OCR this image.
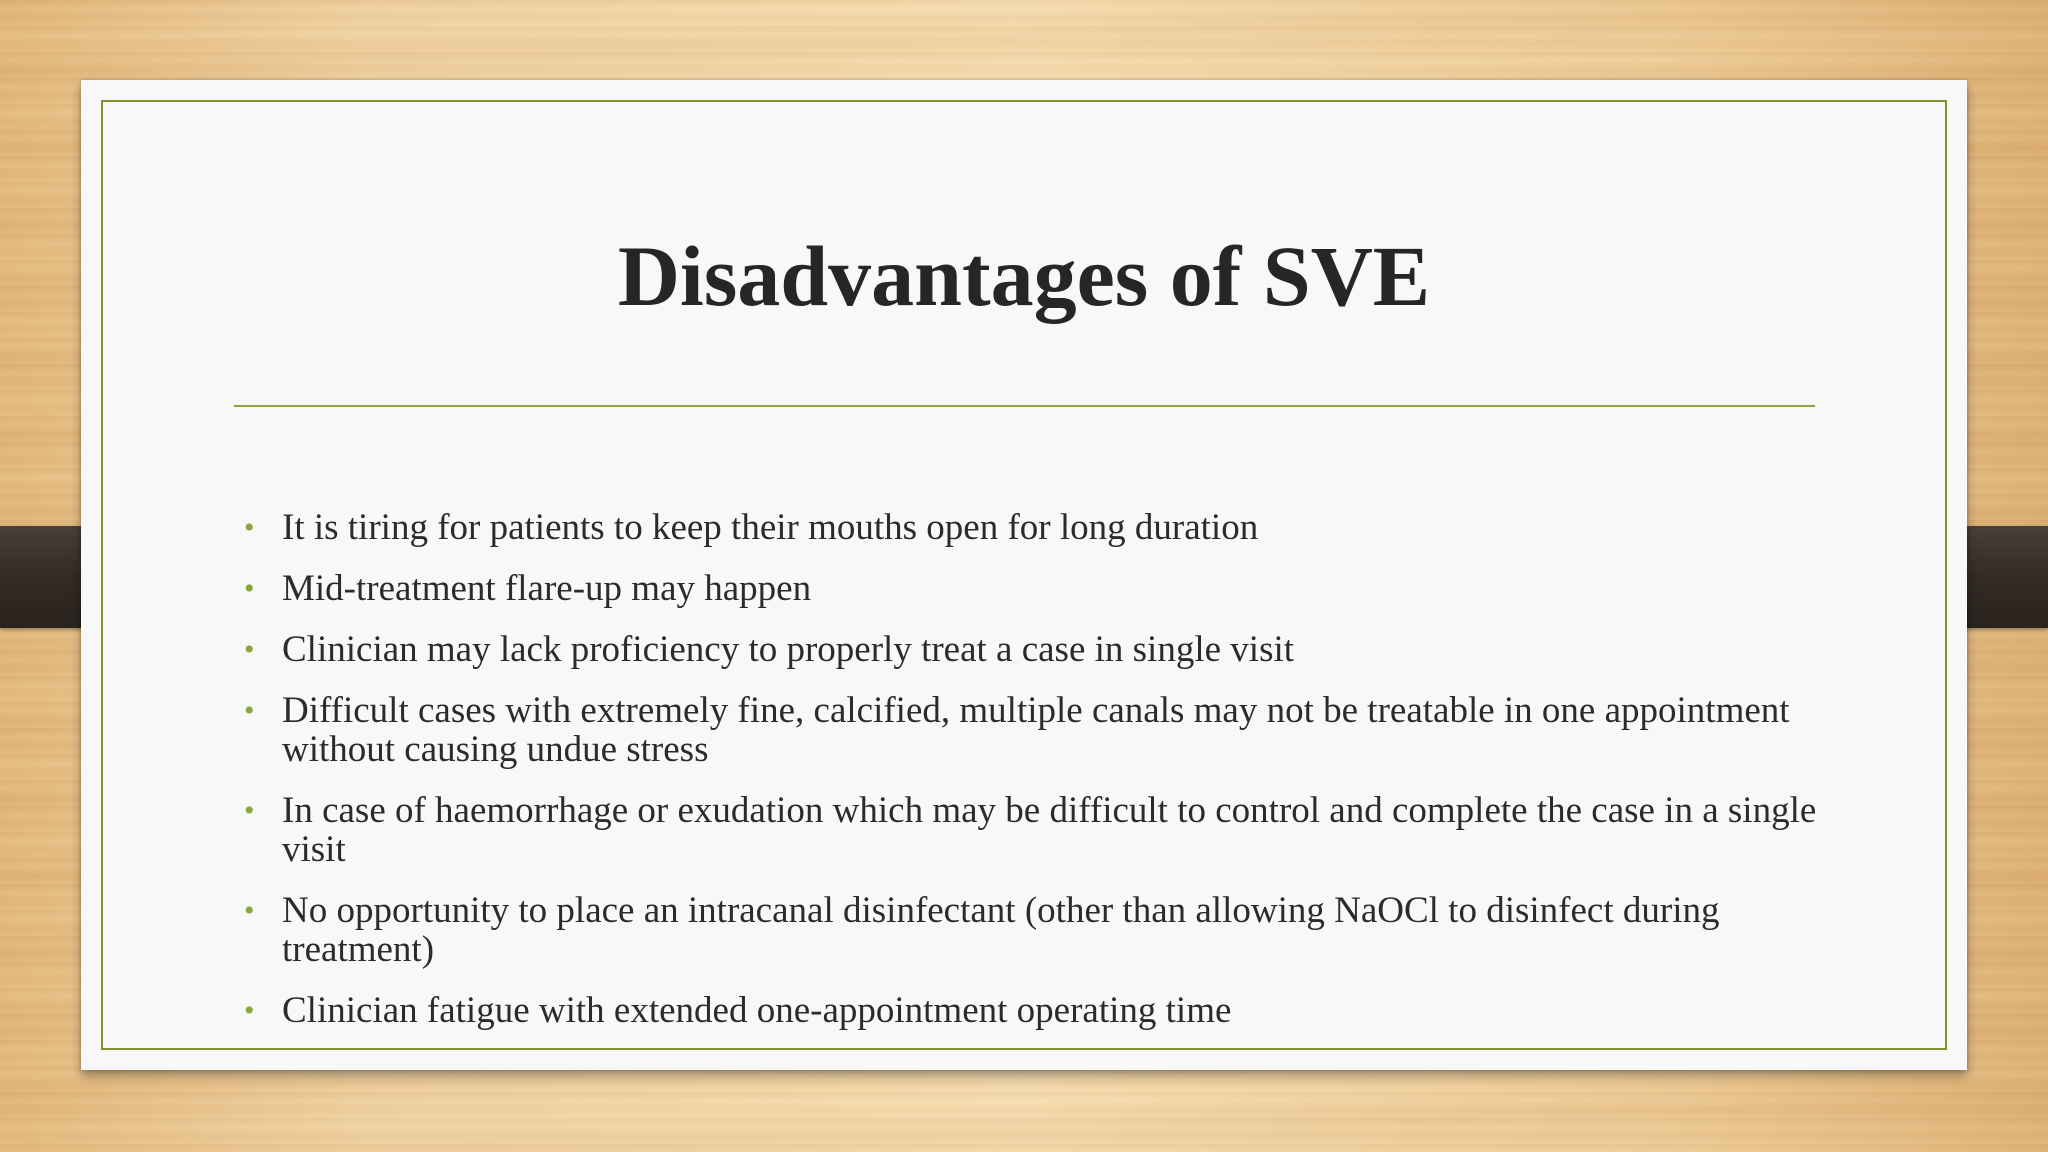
Disadvantages of SVE
• It is tiring for patients to keep their mouths open for long duration
• Mid-treatment flare-up may happen
• Clinician may lack proficiency to properly treat a case in single visit
• Difficult cases with extremely fine, calcified, multiple canals may not be treatable in one appointment without causing undue stress
• In case of haemorrhage or exudation which may be difficult to control and complete the case in a single visit
• No opportunity to place an intracanal disinfectant (other than allowing NaOCl to disinfect during treatment)
• Clinician fatigue with extended one-appointment operating time
